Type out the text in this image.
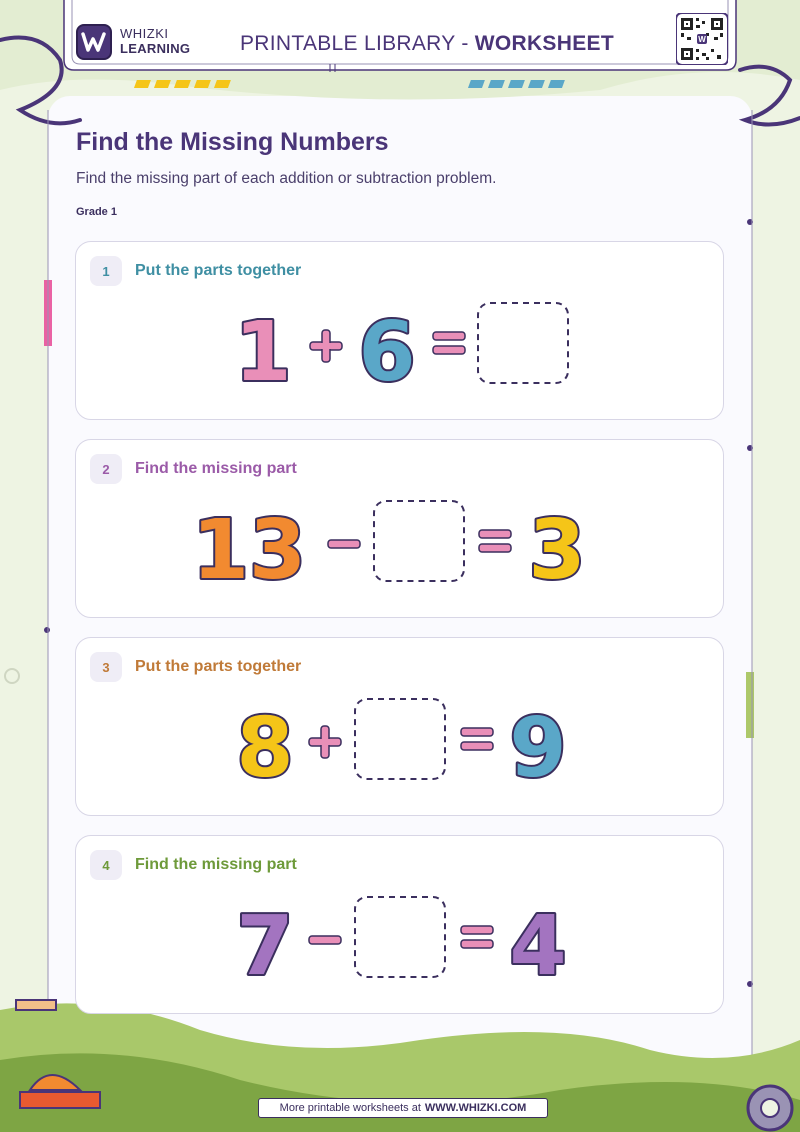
WHIZKI
LEARNING PRINTABLE LIBRARY - WORKSHEET	W
Find the Missing Numbers
Find the missing part of each addition or subtraction problem.
Grade 1
1	Put the parts together
1 6
2	Find the missing part
13	3
3	Put the parts together
8	9
4	Find the missing part
7	4
More printable worksheets at WWW.WHIZKI.COM
